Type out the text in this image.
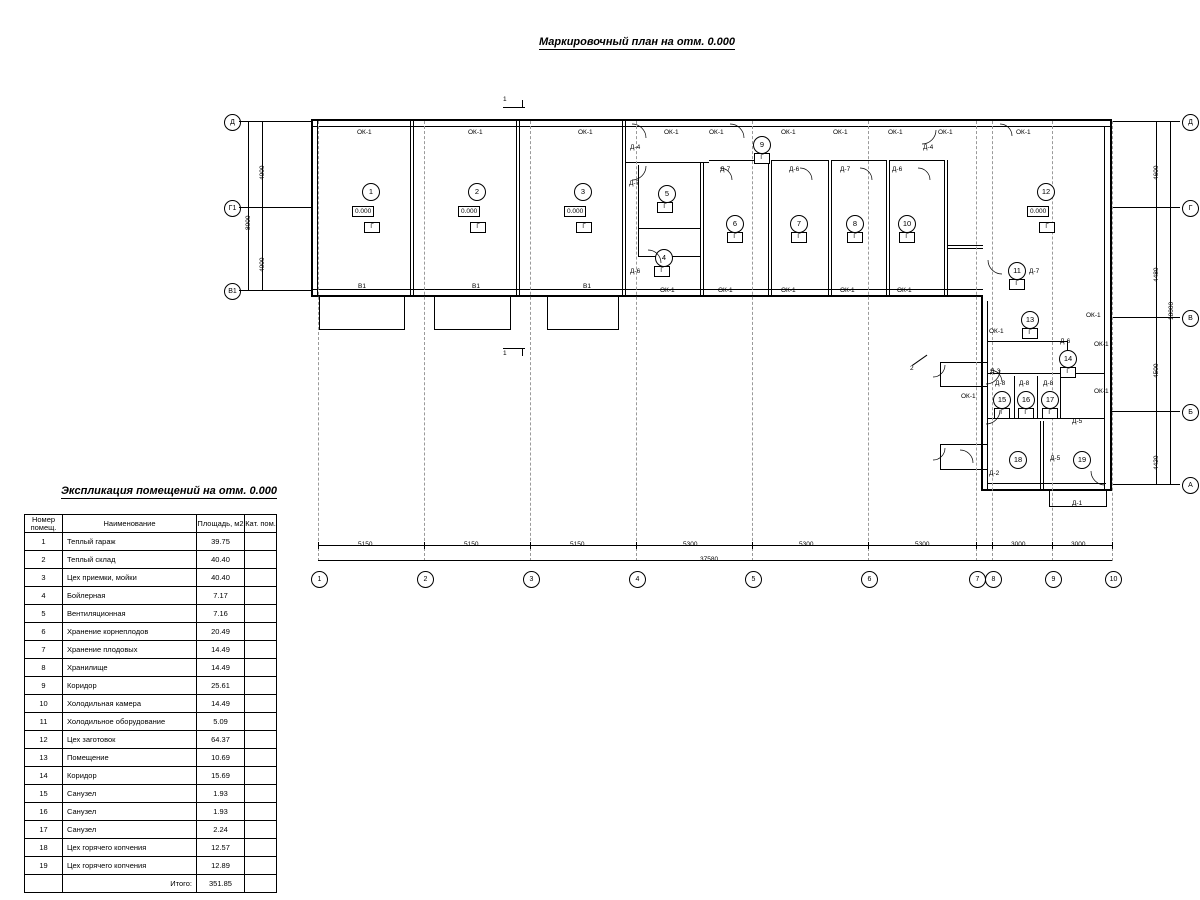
Маркировочный план на отм. 0.000
Экспликация помещений на отм. 0.000
Номер помещ.	Наименование	Площадь, м2	Кат. пом.

1	Теплый гараж	39.75	
2	Теплый склад	40.40	
3	Цех приемки, мойки	40.40	
4	Бойлерная	7.17	
5	Вентиляционная	7.16	
6	Хранение корнеплодов	20.49	
7	Хранение плодовых	14.49	
8	Хранилище	14.49	
9	Коридор	25.61	
10	Холодильная камера	14.49	
11	Холодильное оборудование	5.09	
12	Цех заготовок	64.37	
13	Помещение	10.69	
14	Коридор	15.69	
15	Санузел	1.93	
16	Санузел	1.93	
17	Санузел	2.24	
18	Цех горячего копчения	12.57	
19	Цех горячего копчения	12.89	
	Итого:	351.85	
Д
Г1
В1
4000
4000
8000
Д
Г
В
Б
А
4600
4480
4500
4420
18000
5150	5150	5150	5300	5300	5300	3000	3000
37580
1	2	3	4	5	6	7	8	9	10
1
1
2
1	2	3
4
5
6	7	8
9
10
11
12
13
14
15	16	17
18	19
0.000
Г
0.000
Г
0.000
Г
0.000
Г
Г
Г
Г	Г	Г
Г
Г
Г
Г
Г
Г	Г	Г
ОК-1	ОК-1	ОК-1	ОК-1	ОК-1	ОК-1	ОК-1	ОК-1	ОК-1	ОК-1
ОК-1	ОК-1	ОК-1	ОК-1	ОК-1
ОК-1
ОК-1
ОК-1
ОК-1
ОК-1
В1	В1	В1
Д-4	Д-4
Д-7
Д-7	Д-6	Д-7	Д-6
Д-6	Д-7
Д-6
Д-3
Д-8 Д-8 Д-8
Д-5
Д-2
Д-5
Д-1
